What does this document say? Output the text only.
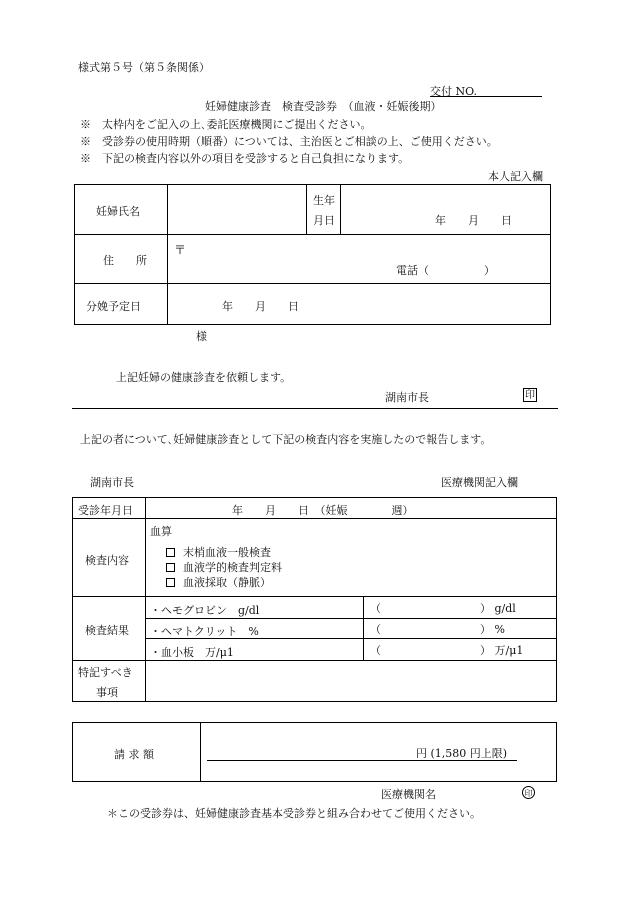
様式第５号（第５条関係）
交付 NO.
妊婦健康診査　検査受診券　（血液・妊娠後期）
※　太枠内をご記入の上､委託医療機関にご提出ください。
※　受診券の使用時期（順番）については、主治医とご相談の上、ご使用ください。
※　下記の検査内容以外の項目を受診すると自己負担になります。
本人記入欄
妊婦氏名
生年
月日	年　　月　　日
住　　所
〒
電話（　　　　　）
分娩予定日	年　　月　　日
様
上記妊婦の健康診査を依頼します。
湖南市長	印
上記の者について､妊婦健康診査として下記の検査内容を実施したので報告します。
湖南市長	医療機関記入欄
受診年月日	年　　月　　日　（妊娠　　　　週）
検査内容
血算
末梢血液一般検査
血液学的検査判定料
血液採取（静脈）
検査結果
・ヘモグロビン　g/dl	（　　　　　　　　　） g/dl
・ヘマトクリット　%	（　　　　　　　　　） %
・血小板　万/μ1	（　　　　　　　　　） 万/μ1
特記すべき
事項
請 求 額	円 (1,580 円上限)
医療機関名	印
＊この受診券は、妊婦健康診査基本受診券と組み合わせてご使用ください。
